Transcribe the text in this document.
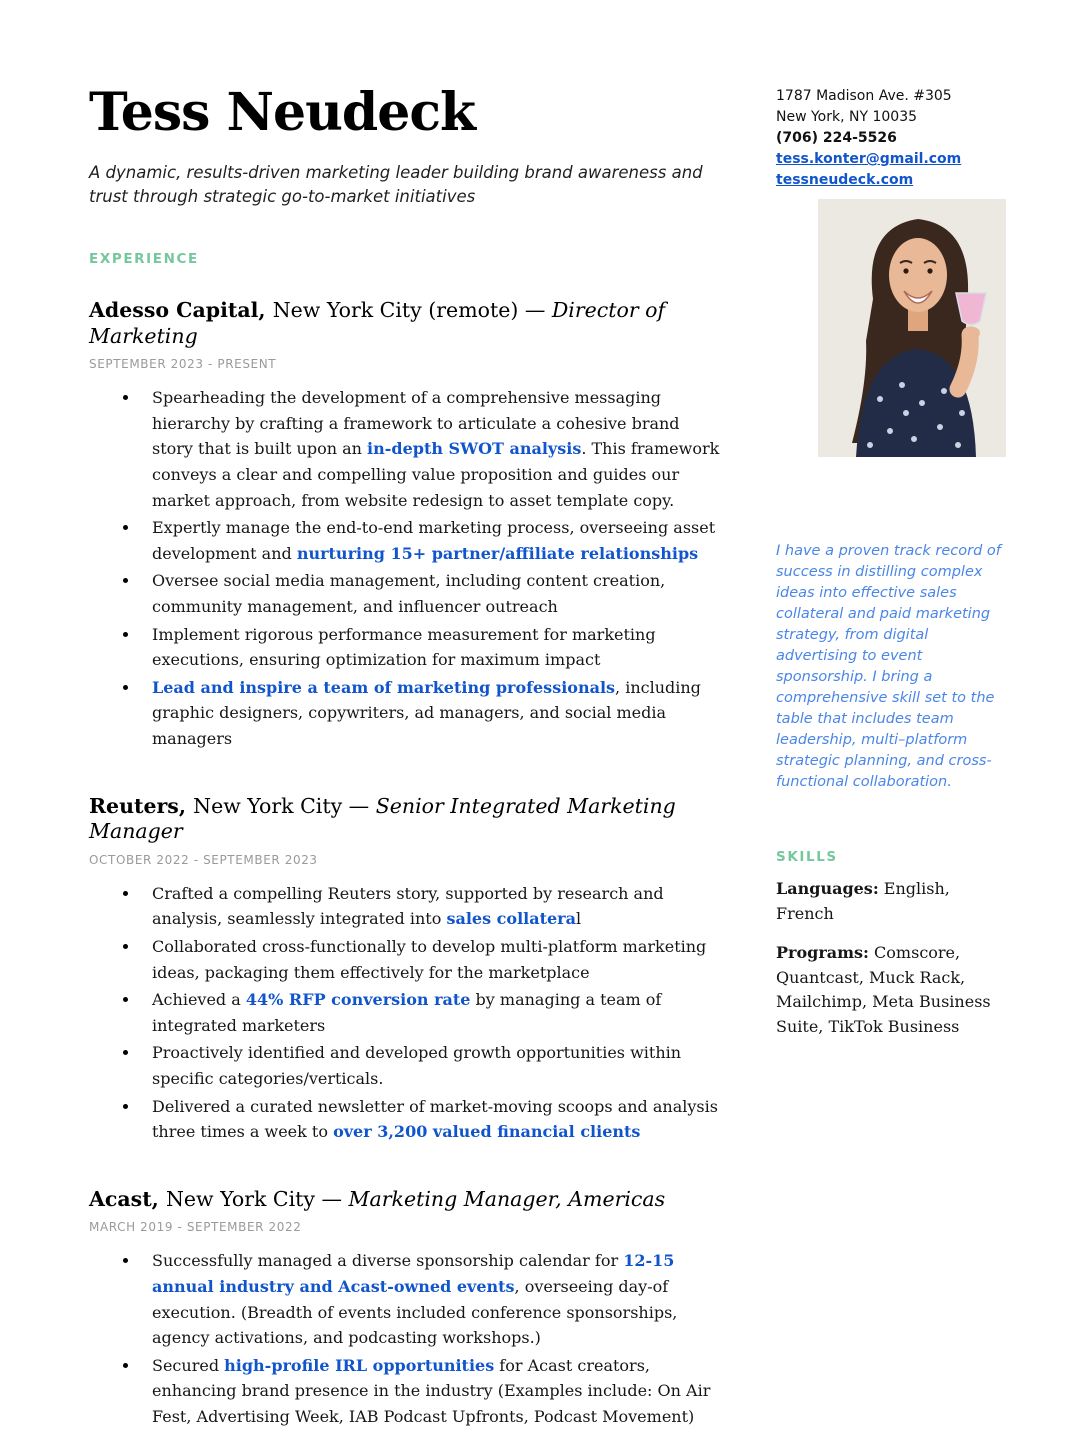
Tess Neudeck

A dynamic, results-driven marketing leader building brand awareness and trust through strategic go-to-market initiatives

EXPERIENCE
Adesso Capital, New York City (remote) — Director of Marketing

SEPTEMBER 2023 - PRESENT

Spearheading the development of a comprehensive messaging hierarchy by crafting a framework to articulate a cohesive brand story that is built upon an in-depth SWOT analysis. This framework conveys a clear and compelling value proposition and guides our market approach, from website redesign to asset template copy.
Expertly manage the end-to-end marketing process, overseeing asset development and nurturing 15+ partner/affiliate relationships
Oversee social media management, including content creation, community management, and influencer outreach
Implement rigorous performance measurement for marketing executions, ensuring optimization for maximum impact
Lead and inspire a team of marketing professionals, including graphic designers, copywriters, ad managers, and social media managers
Reuters, New York City — Senior Integrated Marketing Manager

OCTOBER 2022 - SEPTEMBER 2023

Crafted a compelling Reuters story, supported by research and analysis, seamlessly integrated into sales collateral
Collaborated cross-functionally to develop multi-platform marketing ideas, packaging them effectively for the marketplace
Achieved a 44% RFP conversion rate by managing a team of integrated marketers
Proactively identified and developed growth opportunities within specific categories/verticals.
Delivered a curated newsletter of market-moving scoops and analysis three times a week to over 3,200 valued financial clients
Acast, New York City — Marketing Manager, Americas

MARCH 2019 - SEPTEMBER 2022

Successfully managed a diverse sponsorship calendar for 12-15 annual industry and Acast-owned events, overseeing day-of execution. (Breadth of events included conference sponsorships, agency activations, and podcasting workshops.)
Secured high-profile IRL opportunities for Acast creators, enhancing brand presence in the industry (Examples include: On Air Fest, Advertising Week, IAB Podcast Upfronts, Podcast Movement)

1787 Madison Ave. #305

New York, NY 10035

(706) 224-5526

tess.konter@gmail.com

tessneudeck.com

I have a proven track record of success in distilling complex ideas into effective sales collateral and paid marketing strategy, from digital advertising to event sponsorship. I bring a comprehensive skill set to the table that includes team leadership, multi–platform strategic planning, and cross-functional collaboration.

SKILLS

Languages: English, French

Programs: Comscore, Quantcast, Muck Rack, Mailchimp, Meta Business Suite, TikTok Business
